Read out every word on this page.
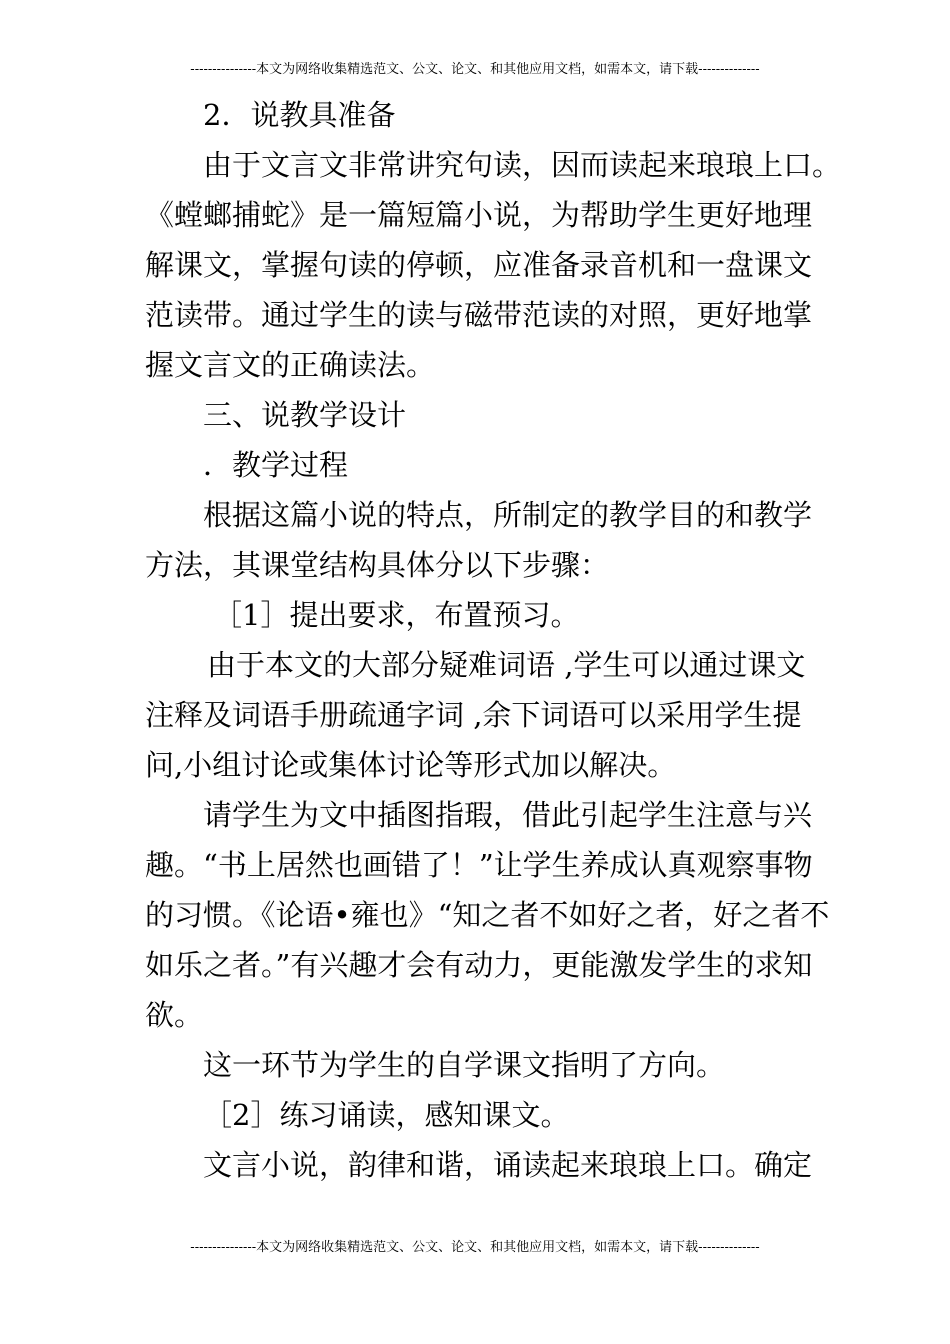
---------------本文为网络收集精选范文、公文、论文、和其他应用文档，如需本文，请下载--------------
2．说教具准备
由于文言文非常讲究句读，因而读起来琅琅上口。
《螳螂捕蛇》是一篇短篇小说，为帮助学生更好地理
解课文，掌握句读的停顿，应准备录音机和一盘课文
范读带。通过学生的读与磁带范读的对照，更好地掌
握文言文的正确读法。
三、说教学设计
．教学过程
根据这篇小说的特点，所制定的教学目的和教学
方法，其课堂结构具体分以下步骤：
［1］提出要求，布置预习。
由于本文的大部分疑难词语 ,学生可以通过课文
注释及词语手册疏通字词 ,余下词语可以采用学生提
问,小组讨论或集体讨论等形式加以解决。
请学生为文中插图指瑕，借此引起学生注意与兴
趣。“书上居然也画错了！”让学生养成认真观察事物
的习惯。《论语•雍也》“知之者不如好之者，好之者不
如乐之者。”有兴趣才会有动力，更能激发学生的求知
欲。
这一环节为学生的自学课文指明了方向。
［2］练习诵读，感知课文。
文言小说，韵律和谐，诵读起来琅琅上口。确定
---------------本文为网络收集精选范文、公文、论文、和其他应用文档，如需本文，请下载--------------
